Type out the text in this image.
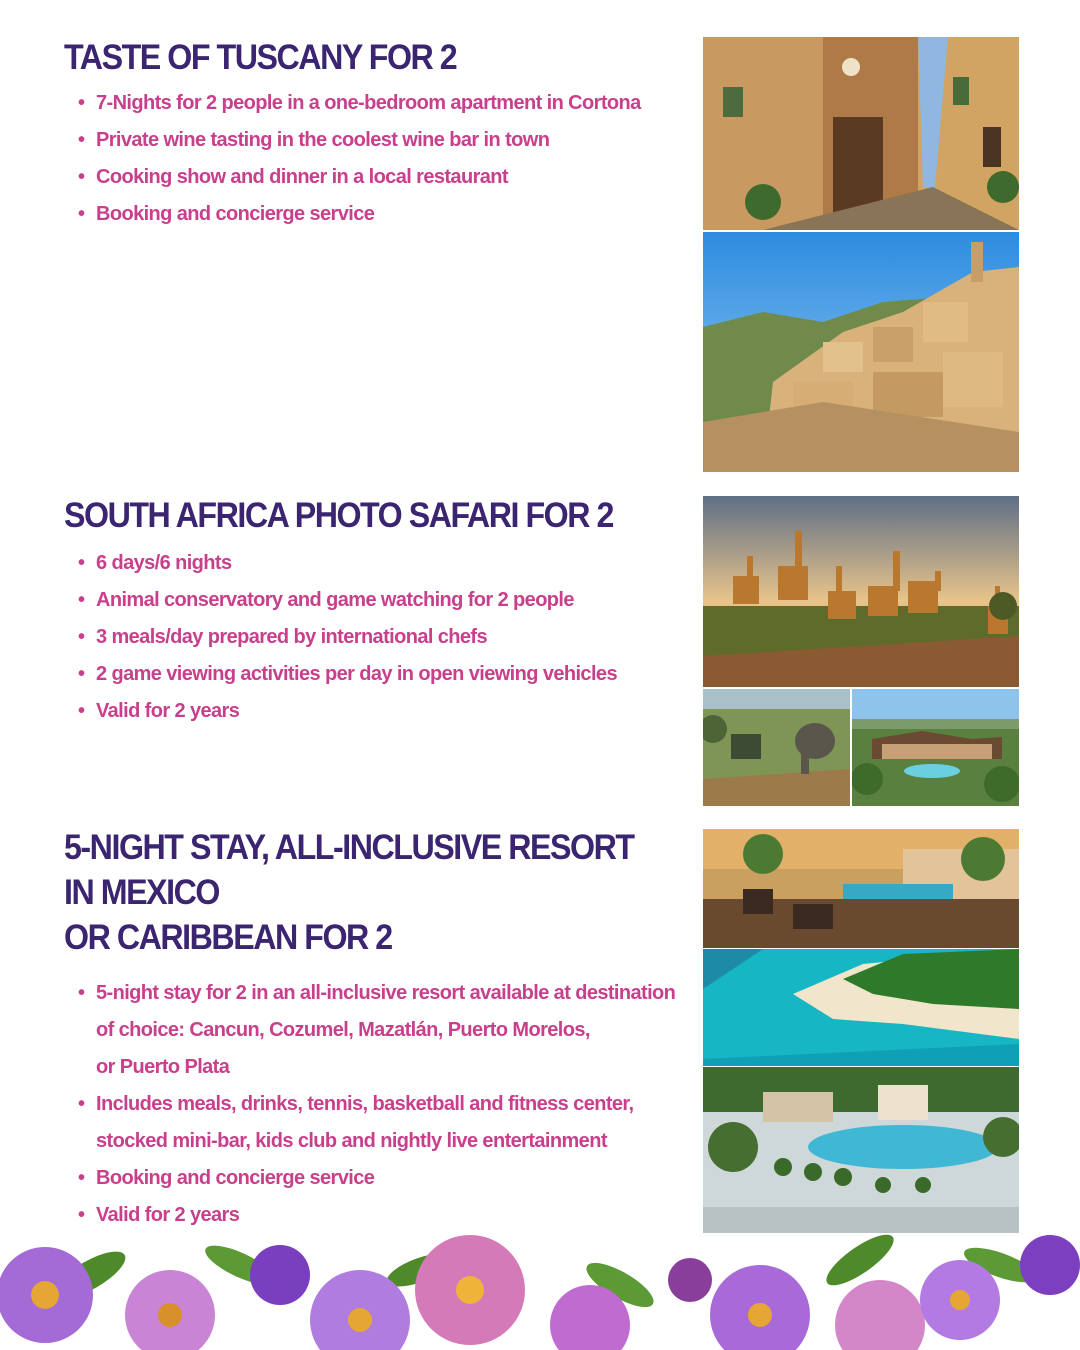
TASTE OF TUSCANY FOR 2
• 7-Nights for 2 people in a one-bedroom apartment in Cortona
• Private wine tasting in the coolest wine bar in town
• Cooking show and dinner in a local restaurant
• Booking and concierge service
SOUTH AFRICA PHOTO SAFARI FOR 2
• 6 days/6 nights
• Animal conservatory and game watching for 2 people
• 3 meals/day prepared by international chefs
• 2 game viewing activities per day in open viewing vehicles
• Valid for 2 years
5-NIGHT STAY, ALL-INCLUSIVE RESORT IN MEXICO
OR CARIBBEAN FOR 2
• 5-night stay for 2 in an all-inclusive resort available at destination
of choice: Cancun, Cozumel, Mazatlán, Puerto Morelos,
or Puerto Plata
• Includes meals, drinks, tennis, basketball and fitness center,
stocked mini-bar, kids club and nightly live entertainment
• Booking and concierge service
• Valid for 2 years
